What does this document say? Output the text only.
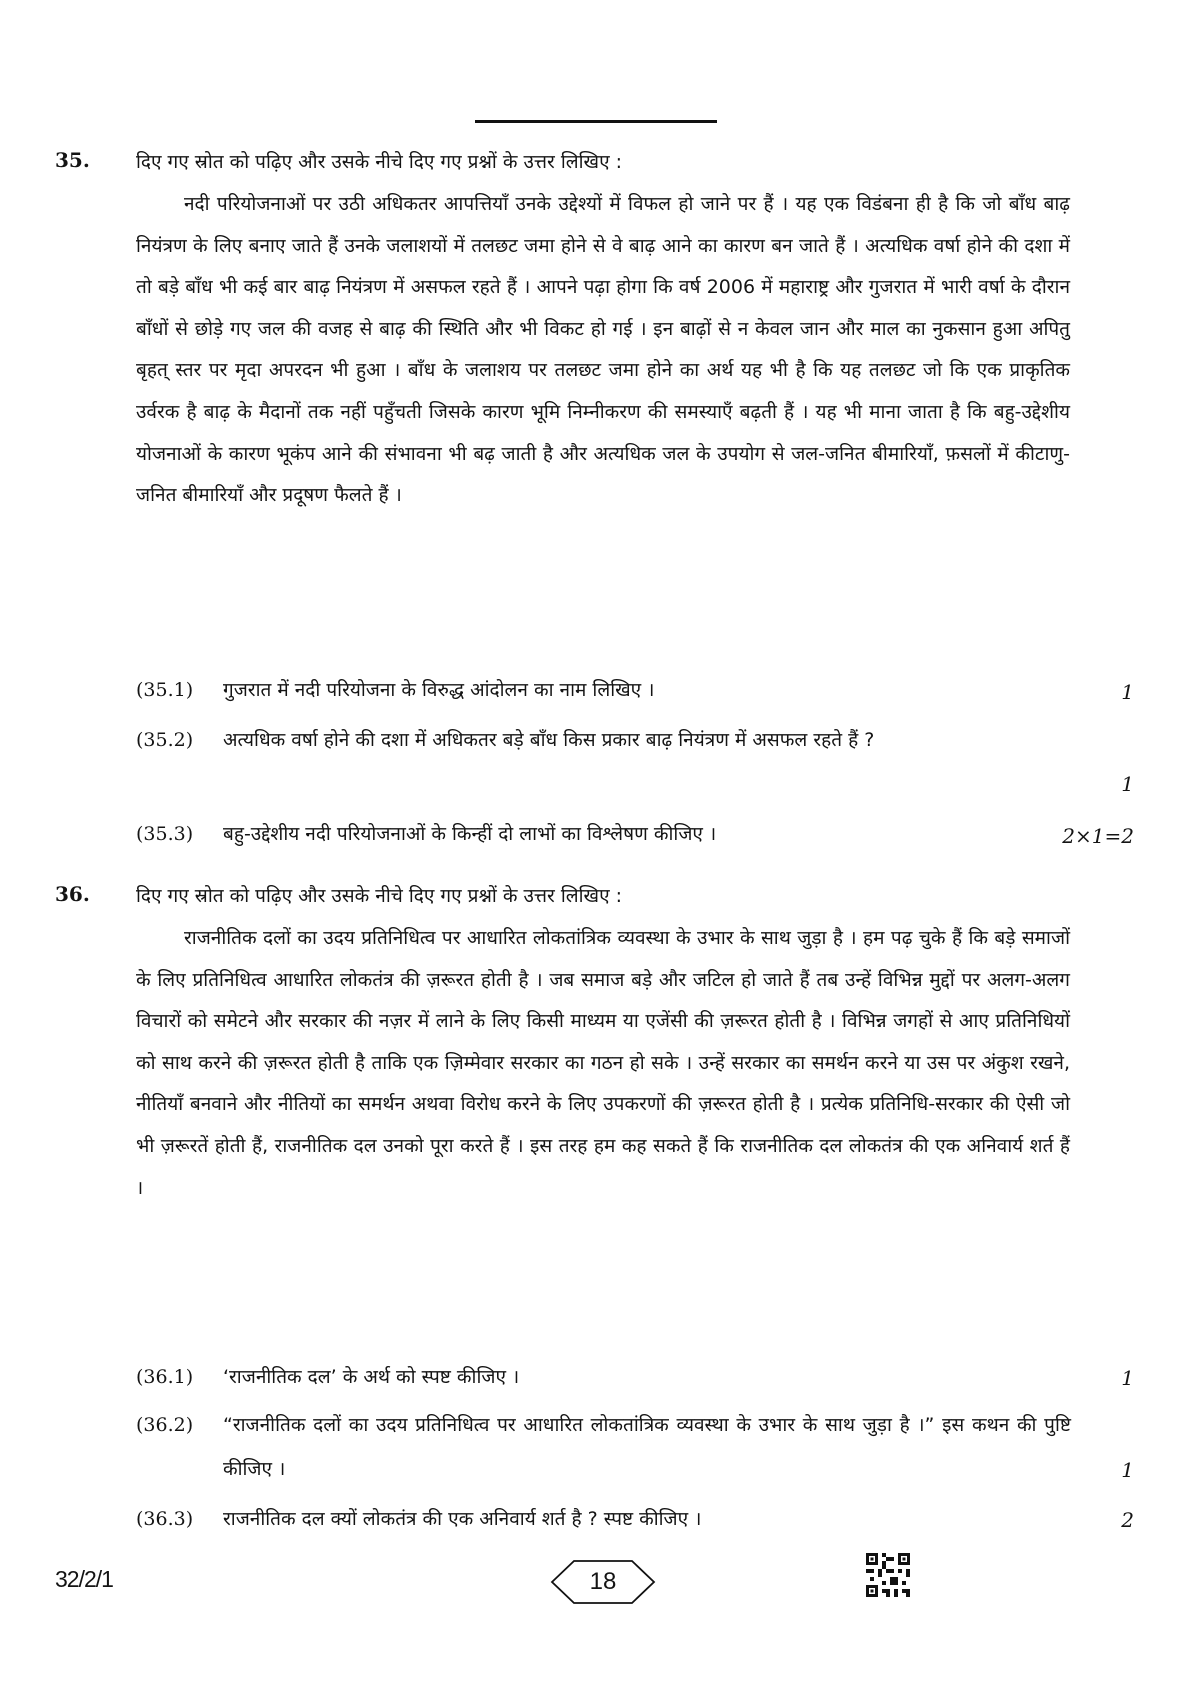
35. दिए गए स्रोत को पढ़िए और उसके नीचे दिए गए प्रश्नों के उत्तर लिखिए :

नदी परियोजनाओं पर उठी अधिकतर आपत्तियाँ उनके उद्देश्यों में विफल हो जाने पर हैं । यह एक विडंबना ही है कि जो बाँध बाढ़ नियंत्रण के लिए बनाए जाते हैं उनके जलाशयों में तलछट जमा होने से वे बाढ़ आने का कारण बन जाते हैं । अत्यधिक वर्षा होने की दशा में तो बड़े बाँध भी कई बार बाढ़ नियंत्रण में असफल रहते हैं । आपने पढ़ा होगा कि वर्ष 2006 में महाराष्ट्र और गुजरात में भारी वर्षा के दौरान बाँधों से छोड़े गए जल की वजह से बाढ़ की स्थिति और भी विकट हो गई । इन बाढ़ों से न केवल जान और माल का नुकसान हुआ अपितु बृहत् स्तर पर मृदा अपरदन भी हुआ । बाँध के जलाशय पर तलछट जमा होने का अर्थ यह भी है कि यह तलछट जो कि एक प्राकृतिक उर्वरक है बाढ़ के मैदानों तक नहीं पहुँचती जिसके कारण भूमि निम्नीकरण की समस्याएँ बढ़ती हैं । यह भी माना जाता है कि बहु-उद्देशीय योजनाओं के कारण भूकंप आने की संभावना भी बढ़ जाती है और अत्यधिक जल के उपयोग से जल-जनित बीमारियाँ, फ़सलों में कीटाणु-जनित बीमारियाँ और प्रदूषण फैलते हैं ।

(35.1) गुजरात में नदी परियोजना के विरुद्ध आंदोलन का नाम लिखिए ।	1
(35.2) अत्यधिक वर्षा होने की दशा में अधिकतर बड़े बाँध किस प्रकार बाढ़ नियंत्रण में असफल रहते हैं ?
1
(35.3) बहु-उद्देशीय नदी परियोजनाओं के किन्हीं दो लाभों का विश्लेषण कीजिए ।	2×1=2
36. दिए गए स्रोत को पढ़िए और उसके नीचे दिए गए प्रश्नों के उत्तर लिखिए :

राजनीतिक दलों का उदय प्रतिनिधित्व पर आधारित लोकतांत्रिक व्यवस्था के उभार के साथ जुड़ा है । हम पढ़ चुके हैं कि बड़े समाजों के लिए प्रतिनिधित्व आधारित लोकतंत्र की ज़रूरत होती है । जब समाज बड़े और जटिल हो जाते हैं तब उन्हें विभिन्न मुद्दों पर अलग-अलग विचारों को समेटने और सरकार की नज़र में लाने के लिए किसी माध्यम या एजेंसी की ज़रूरत होती है । विभिन्न जगहों से आए प्रतिनिधियों को साथ करने की ज़रूरत होती है ताकि एक ज़िम्मेवार सरकार का गठन हो सके । उन्हें सरकार का समर्थन करने या उस पर अंकुश रखने, नीतियाँ बनवाने और नीतियों का समर्थन अथवा विरोध करने के लिए उपकरणों की ज़रूरत होती है । प्रत्येक प्रतिनिधि-सरकार की ऐसी जो भी ज़रूरतें होती हैं, राजनीतिक दल उनको पूरा करते हैं । इस तरह हम कह सकते हैं कि राजनीतिक दल लोकतंत्र की एक अनिवार्य शर्त हैं ।

(36.1) ‘राजनीतिक दल’ के अर्थ को स्पष्ट कीजिए ।	1
(36.2) “राजनीतिक दलों का उदय प्रतिनिधित्व पर आधारित लोकतांत्रिक व्यवस्था के उभार के साथ जुड़ा है ।” इस कथन की पुष्टि कीजिए ।	1
(36.3) राजनीतिक दल क्यों लोकतंत्र की एक अनिवार्य शर्त है ? स्पष्ट कीजिए ।	2
32/2/1	18
